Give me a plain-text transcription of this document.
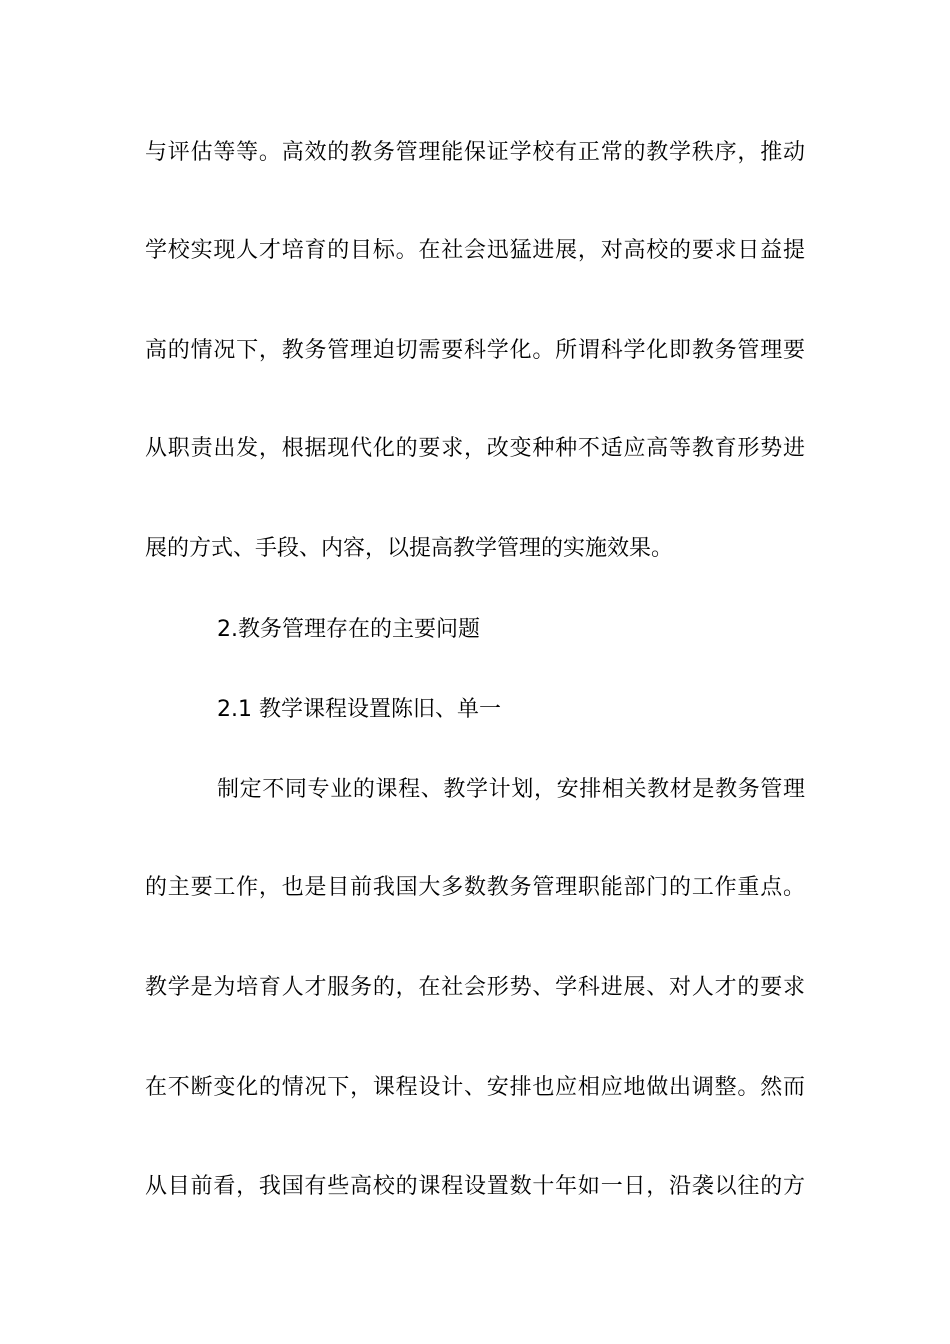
与评估等等。高效的教务管理能保证学校有正常的教学秩序，推动
学校实现人才培育的目标。在社会迅猛进展，对高校的要求日益提
高的情况下，教务管理迫切需要科学化。所谓科学化即教务管理要
从职责出发，根据现代化的要求，改变种种不适应高等教育形势进
展的方式、手段、内容，以提高教学管理的实施效果。
2.教务管理存在的主要问题
2.1 教学课程设置陈旧、单一
制定不同专业的课程、教学计划，安排相关教材是教务管理
的主要工作，也是目前我国大多数教务管理职能部门的工作重点。
教学是为培育人才服务的，在社会形势、学科进展、对人才的要求
在不断变化的情况下，课程设计、安排也应相应地做出调整。然而
从目前看，我国有些高校的课程设置数十年如一日，沿袭以往的方
